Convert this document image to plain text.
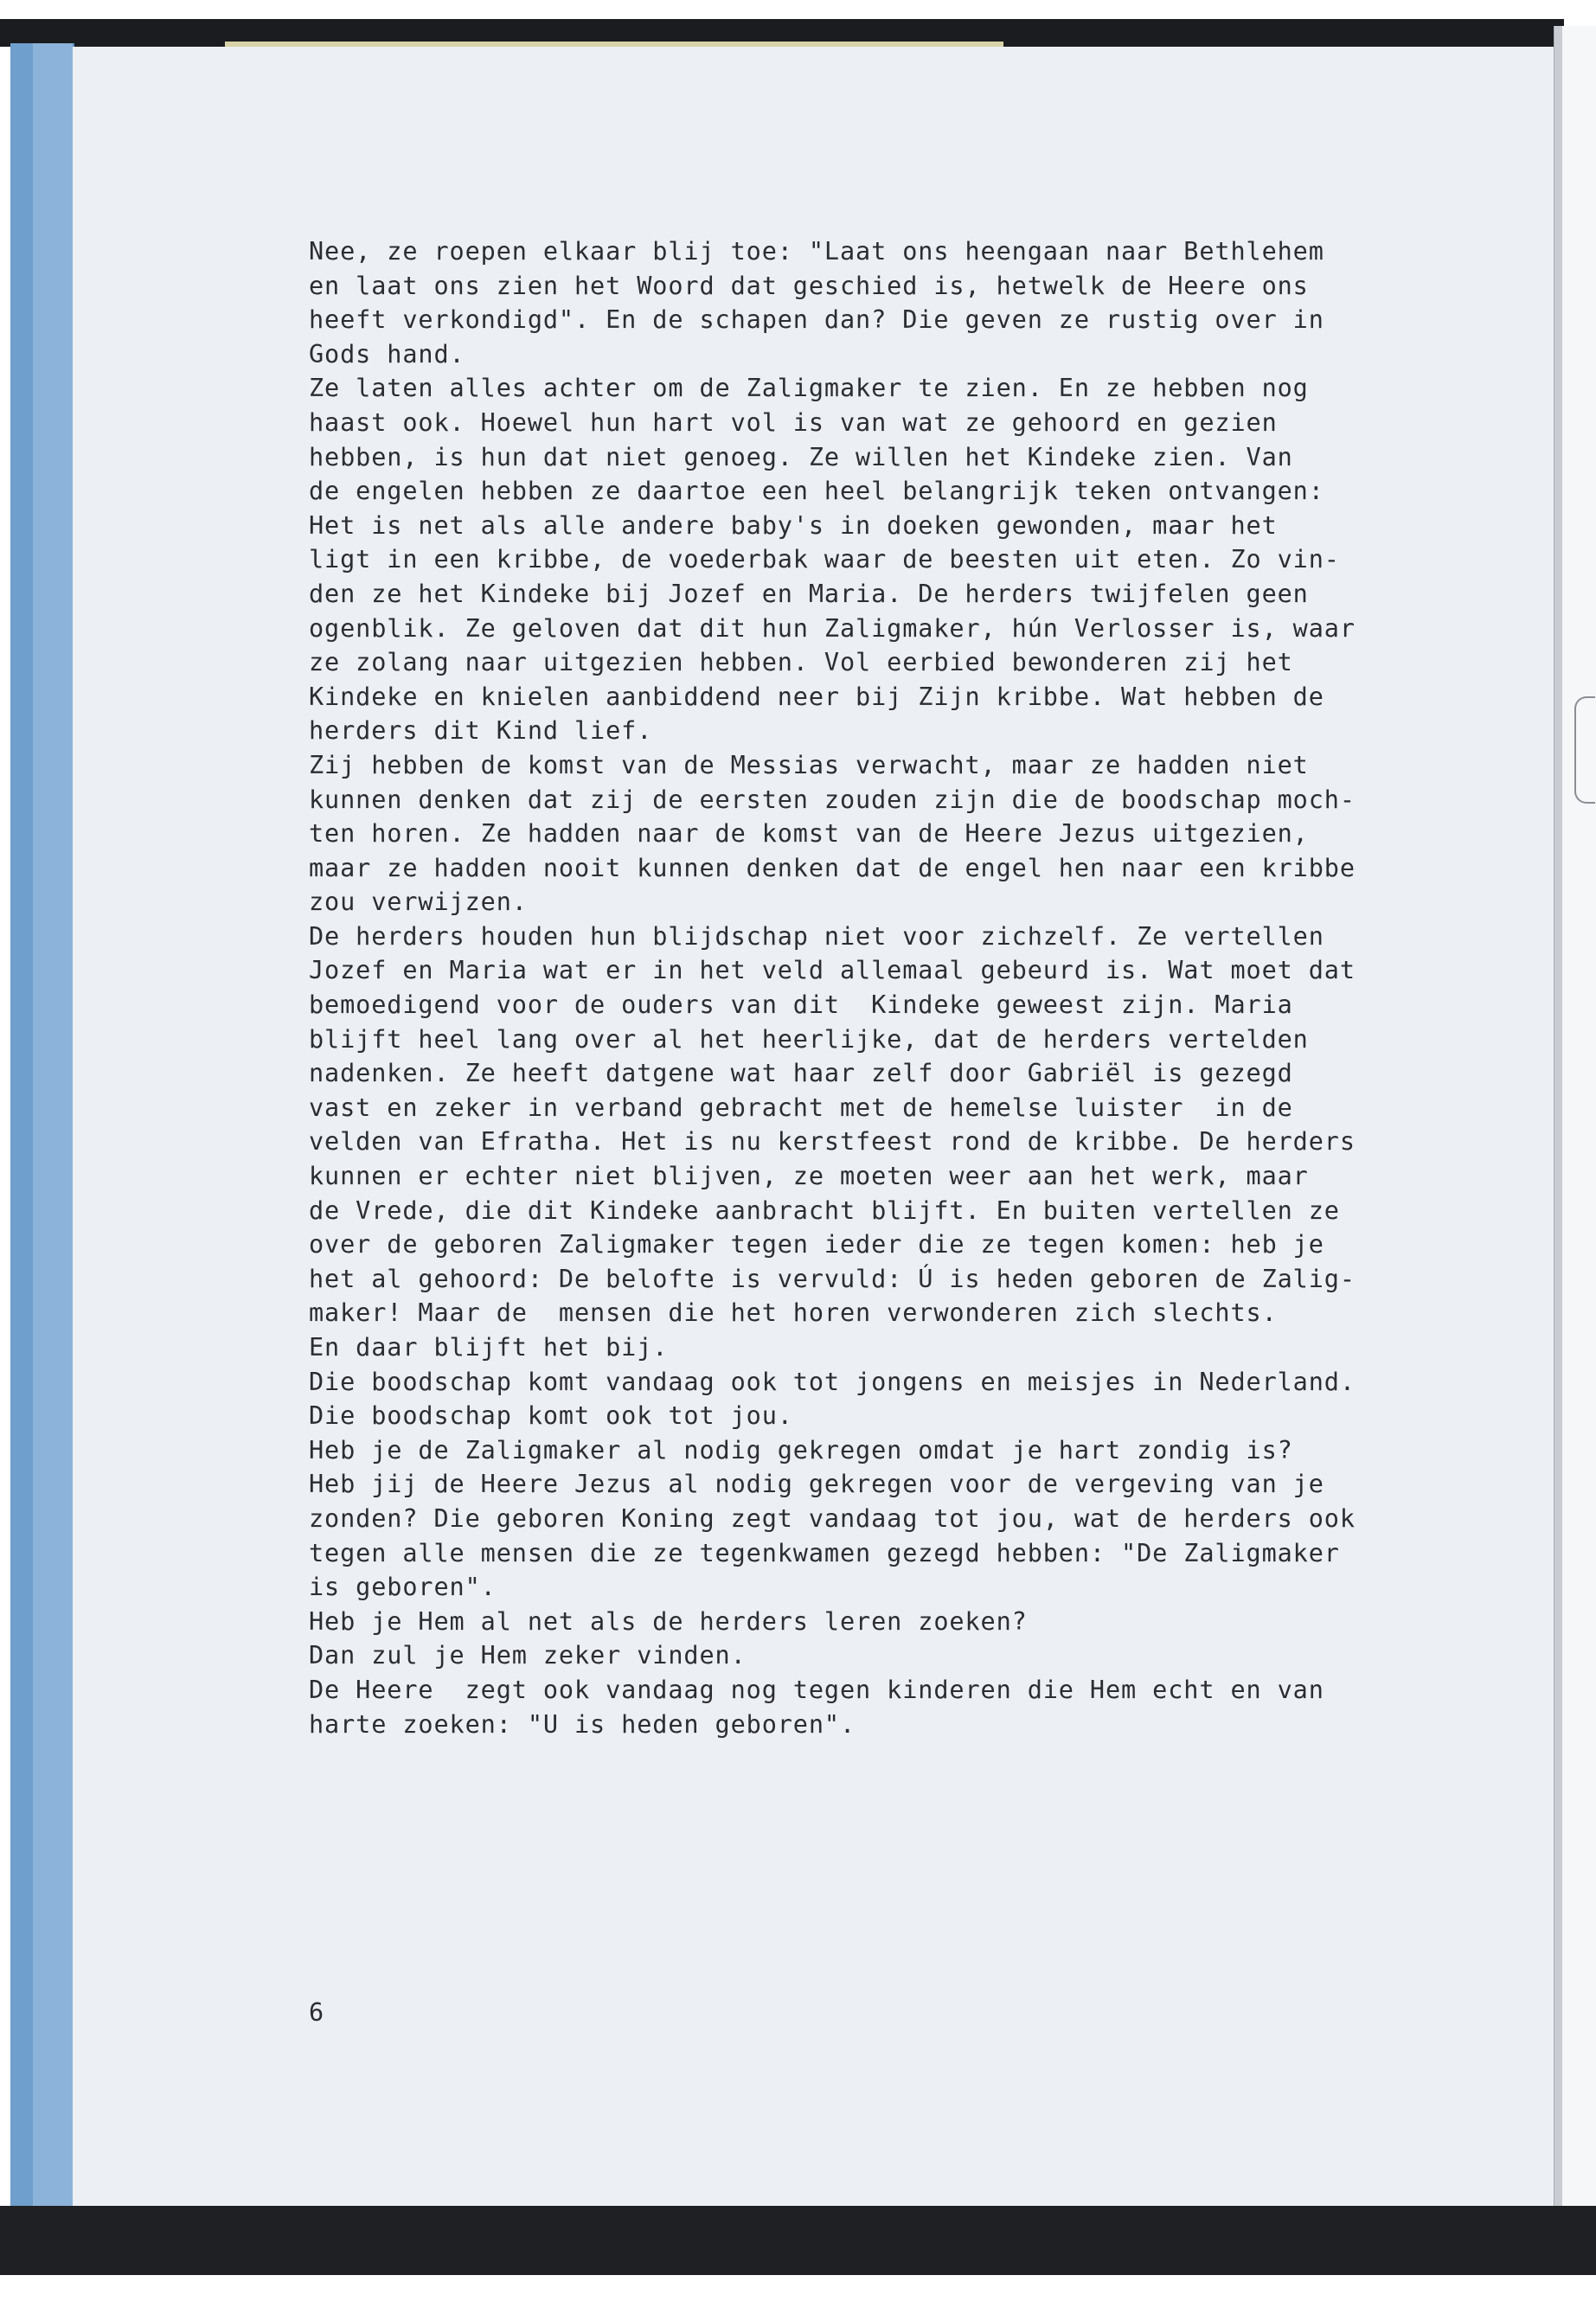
Nee, ze roepen elkaar blij toe: "Laat ons heengaan naar Bethlehem
en laat ons zien het Woord dat geschied is, hetwelk de Heere ons
heeft verkondigd". En de schapen dan? Die geven ze rustig over in
Gods hand.
Ze laten alles achter om de Zaligmaker te zien. En ze hebben nog
haast ook. Hoewel hun hart vol is van wat ze gehoord en gezien
hebben, is hun dat niet genoeg. Ze willen het Kindeke zien. Van
de engelen hebben ze daartoe een heel belangrijk teken ontvangen:
Het is net als alle andere baby's in doeken gewonden, maar het
ligt in een kribbe, de voederbak waar de beesten uit eten. Zo vin-
den ze het Kindeke bij Jozef en Maria. De herders twijfelen geen
ogenblik. Ze geloven dat dit hun Zaligmaker, hún Verlosser is, waar
ze zolang naar uitgezien hebben. Vol eerbied bewonderen zij het
Kindeke en knielen aanbiddend neer bij Zijn kribbe. Wat hebben de
herders dit Kind lief.
Zij hebben de komst van de Messias verwacht, maar ze hadden niet
kunnen denken dat zij de eersten zouden zijn die de boodschap moch-
ten horen. Ze hadden naar de komst van de Heere Jezus uitgezien,
maar ze hadden nooit kunnen denken dat de engel hen naar een kribbe
zou verwijzen.
De herders houden hun blijdschap niet voor zichzelf. Ze vertellen
Jozef en Maria wat er in het veld allemaal gebeurd is. Wat moet dat
bemoedigend voor de ouders van dit  Kindeke geweest zijn. Maria
blijft heel lang over al het heerlijke, dat de herders vertelden
nadenken. Ze heeft datgene wat haar zelf door Gabriël is gezegd
vast en zeker in verband gebracht met de hemelse luister  in de
velden van Efratha. Het is nu kerstfeest rond de kribbe. De herders
kunnen er echter niet blijven, ze moeten weer aan het werk, maar
de Vrede, die dit Kindeke aanbracht blijft. En buiten vertellen ze
over de geboren Zaligmaker tegen ieder die ze tegen komen: heb je
het al gehoord: De belofte is vervuld: Ú is heden geboren de Zalig-
maker! Maar de  mensen die het horen verwonderen zich slechts.
En daar blijft het bij.
Die boodschap komt vandaag ook tot jongens en meisjes in Nederland.
Die boodschap komt ook tot jou.
Heb je de Zaligmaker al nodig gekregen omdat je hart zondig is?
Heb jij de Heere Jezus al nodig gekregen voor de vergeving van je
zonden? Die geboren Koning zegt vandaag tot jou, wat de herders ook
tegen alle mensen die ze tegenkwamen gezegd hebben: "De Zaligmaker
is geboren".
Heb je Hem al net als de herders leren zoeken?
Dan zul je Hem zeker vinden.
De Heere  zegt ook vandaag nog tegen kinderen die Hem echt en van
harte zoeken: "U is heden geboren".
6
